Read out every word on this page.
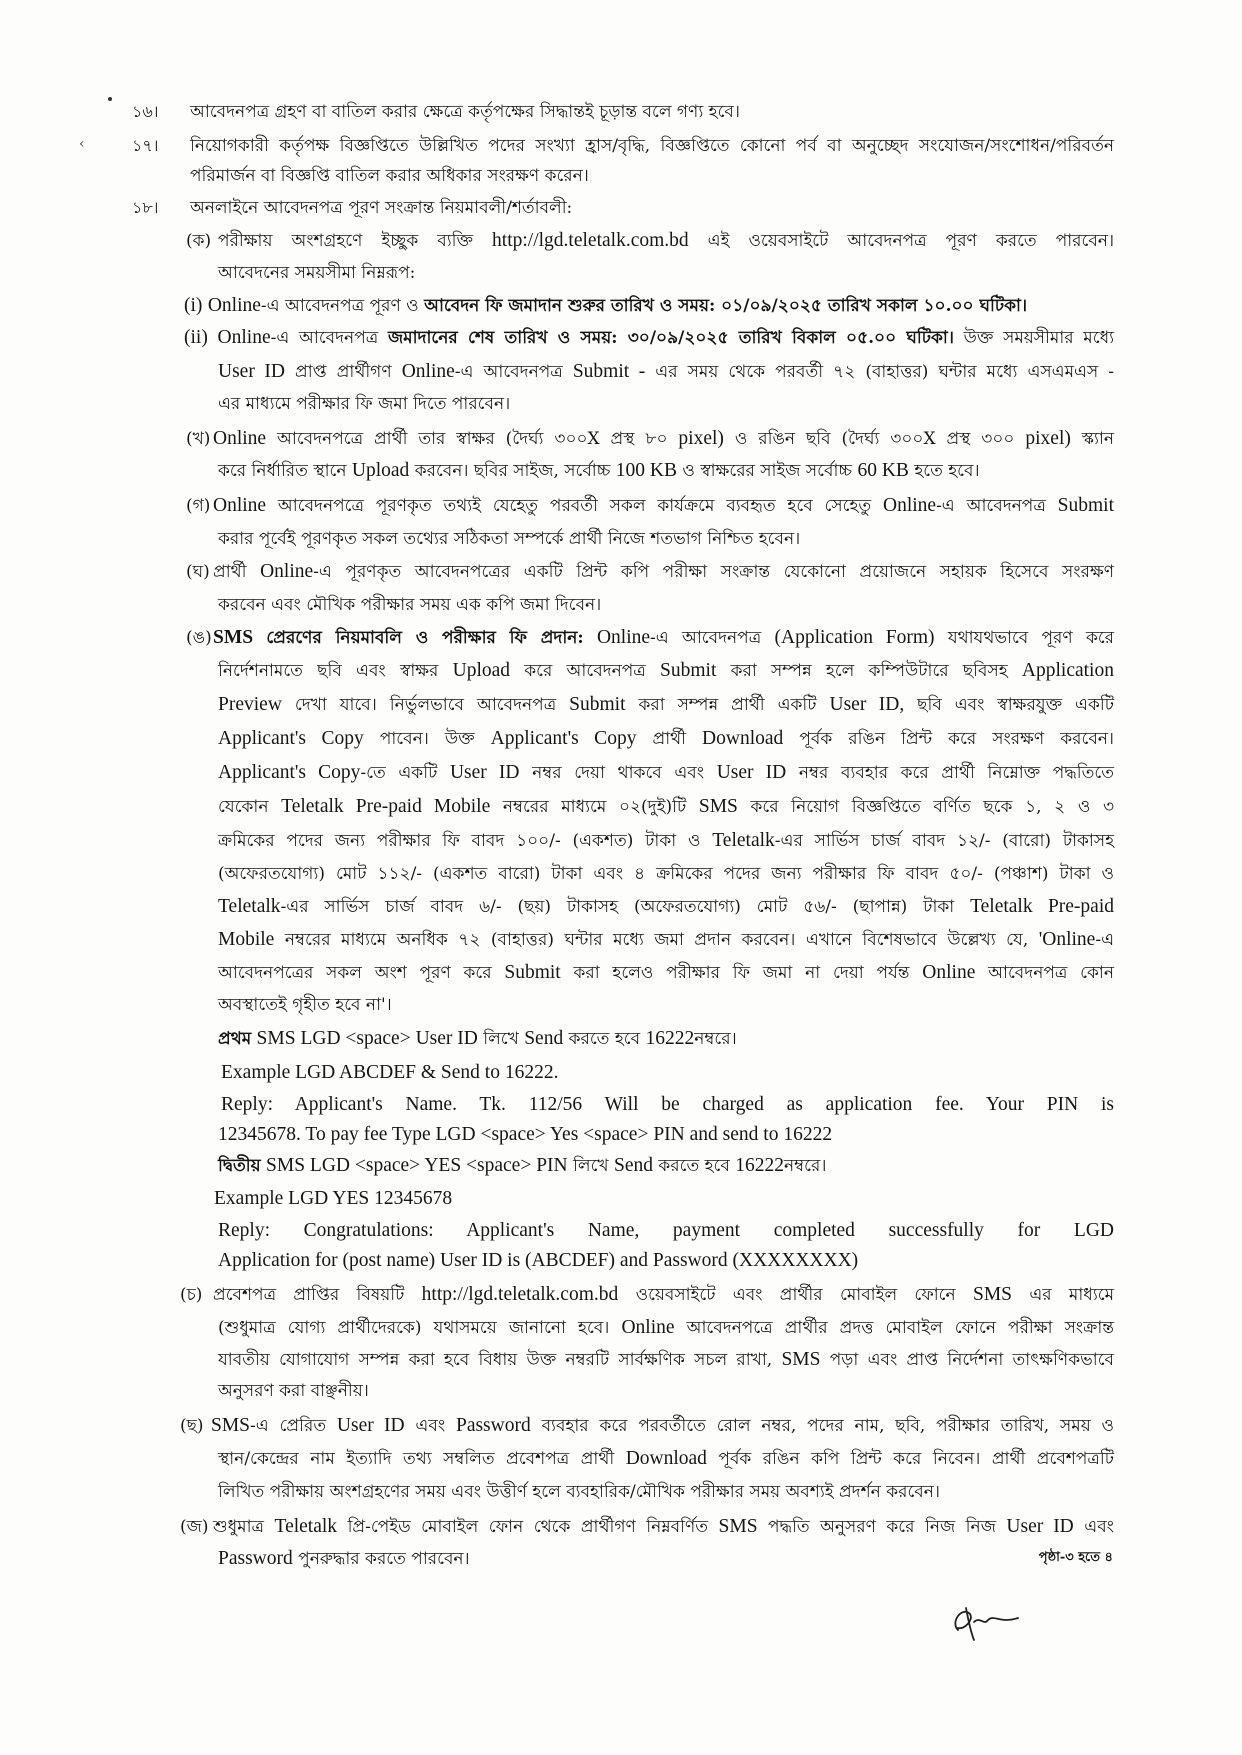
‹
১৬। আবেদনপত্র গ্রহণ বা বাতিল করার ক্ষেত্রে কর্তৃপক্ষের সিদ্ধান্তই চূড়ান্ত বলে গণ্য হবে।
১৭। নিয়োগকারী কর্তৃপক্ষ বিজ্ঞপ্তিতে উল্লিখিত পদের সংখ্যা হ্রাস/বৃদ্ধি, বিজ্ঞপ্তিতে কোনো পর্ব বা অনুচ্ছেদ সংযোজন/সংশোধন/পরিবর্তন
পরিমার্জন বা বিজ্ঞপ্তি বাতিল করার অধিকার সংরক্ষণ করেন।
১৮। অনলাইনে আবেদনপত্র পূরণ সংক্রান্ত নিয়মাবলী/শর্তাবলী:
(ক) পরীক্ষায় অংশগ্রহণে ইচ্ছুক ব্যক্তি http://lgd.teletalk.com.bd এই ওয়েবসাইটে আবেদনপত্র পূরণ করতে পারবেন।
আবেদনের সময়সীমা নিম্নরূপ:
(i) Online-এ আবেদনপত্র পূরণ ও আবেদন ফি জমাদান শুরুর তারিখ ও সময়: ০১/০৯/২০২৫ তারিখ সকাল ১০.০০ ঘটিকা।
(ii) Online-এ আবেদনপত্র জমাদানের শেষ তারিখ ও সময়: ৩০/০৯/২০২৫ তারিখ বিকাল ০৫.০০ ঘটিকা। উক্ত সময়সীমার মধ্যে
User ID প্রাপ্ত প্রার্থীগণ Online-এ আবেদনপত্র Submit - এর সময় থেকে পরবর্তী ৭২ (বাহাত্তর) ঘন্টার মধ্যে এসএমএস -
এর মাধ্যমে পরীক্ষার ফি জমা দিতে পারবেন।
(খ) Online আবেদনপত্রে প্রার্থী তার স্বাক্ষর (দৈর্ঘ্য ৩০০X প্রস্থ ৮০ pixel) ও রঙিন ছবি (দৈর্ঘ্য ৩০০X প্রস্থ ৩০০ pixel) স্ক্যান
করে নির্ধারিত স্থানে Upload করবেন। ছবির সাইজ, সর্বোচ্চ 100 KB ও স্বাক্ষরের সাইজ সর্বোচ্চ 60 KB হতে হবে।
(গ) Online আবেদনপত্রে পূরণকৃত তথ্যই যেহেতু পরবর্তী সকল কার্যক্রমে ব্যবহৃত হবে সেহেতু Online-এ আবেদনপত্র Submit
করার পূর্বেই পূরণকৃত সকল তথ্যের সঠিকতা সম্পর্কে প্রার্থী নিজে শতভাগ নিশ্চিত হবেন।
(ঘ) প্রার্থী Online-এ পূরণকৃত আবেদনপত্রের একটি প্রিন্ট কপি পরীক্ষা সংক্রান্ত যেকোনো প্রয়োজনে সহায়ক হিসেবে সংরক্ষণ
করবেন এবং মৌখিক পরীক্ষার সময় এক কপি জমা দিবেন।
(ঙ) SMS প্রেরণের নিয়মাবলি ও পরীক্ষার ফি প্রদান: Online-এ আবেদনপত্র (Application Form) যথাযথভাবে পূরণ করে
নির্দেশনামতে ছবি এবং স্বাক্ষর Upload করে আবেদনপত্র Submit করা সম্পন্ন হলে কম্পিউটারে ছবিসহ Application
Preview দেখা যাবে। নির্ভুলভাবে আবেদনপত্র Submit করা সম্পন্ন প্রার্থী একটি User ID, ছবি এবং স্বাক্ষরযুক্ত একটি
Applicant's Copy পাবেন। উক্ত Applicant's Copy প্রার্থী Download পূর্বক রঙিন প্রিন্ট করে সংরক্ষণ করবেন।
Applicant's Copy-তে একটি User ID নম্বর দেয়া থাকবে এবং User ID নম্বর ব্যবহার করে প্রার্থী নিম্নোক্ত পদ্ধতিতে
যেকোন Teletalk Pre-paid Mobile নম্বরের মাধ্যমে ০২(দুই)টি SMS করে নিয়োগ বিজ্ঞপ্তিতে বর্ণিত ছকে ১, ২ ও ৩
ক্রমিকের পদের জন্য পরীক্ষার ফি বাবদ ১০০/- (একশত) টাকা ও Teletalk-এর সার্ভিস চার্জ বাবদ ১২/- (বারো) টাকাসহ
(অফেরতযোগ্য) মোট ১১২/- (একশত বারো) টাকা এবং ৪ ক্রমিকের পদের জন্য পরীক্ষার ফি বাবদ ৫০/- (পঞ্চাশ) টাকা ও
Teletalk-এর সার্ভিস চার্জ বাবদ ৬/- (ছয়) টাকাসহ (অফেরতযোগ্য) মোট ৫৬/- (ছাপান্ন) টাকা Teletalk Pre-paid
Mobile নম্বরের মাধ্যমে অনধিক ৭২ (বাহাত্তর) ঘন্টার মধ্যে জমা প্রদান করবেন। এখানে বিশেষভাবে উল্লেখ্য যে, 'Online-এ
আবেদনপত্রের সকল অংশ পূরণ করে Submit করা হলেও পরীক্ষার ফি জমা না দেয়া পর্যন্ত Online আবেদনপত্র কোন
অবস্থাতেই গৃহীত হবে না'।
প্রথম SMS LGD <space> User ID লিখে Send করতে হবে 16222নম্বরে।
Example LGD ABCDEF & Send to 16222.
Reply: Applicant's Name. Tk. 112/56 Will be charged as application fee. Your PIN is
12345678. To pay fee Type LGD <space> Yes <space> PIN and send to 16222
দ্বিতীয় SMS LGD <space> YES <space> PIN লিখে Send করতে হবে 16222নম্বরে।
Example LGD YES 12345678
Reply: Congratulations: Applicant's Name, payment completed successfully for LGD
Application for (post name) User ID is (ABCDEF) and Password (XXXXXXXX)
(চ) প্রবেশপত্র প্রাপ্তির বিষয়টি http://lgd.teletalk.com.bd ওয়েবসাইটে এবং প্রার্থীর মোবাইল ফোনে SMS এর মাধ্যমে
(শুধুমাত্র যোগ্য প্রার্থীদেরকে) যথাসময়ে জানানো হবে। Online আবেদনপত্রে প্রার্থীর প্রদত্ত মোবাইল ফোনে পরীক্ষা সংক্রান্ত
যাবতীয় যোগাযোগ সম্পন্ন করা হবে বিধায় উক্ত নম্বরটি সার্বক্ষণিক সচল রাখা, SMS পড়া এবং প্রাপ্ত নির্দেশনা তাৎক্ষণিকভাবে
অনুসরণ করা বাঞ্ছনীয়।
(ছ) SMS-এ প্রেরিত User ID এবং Password ব্যবহার করে পরবর্তীতে রোল নম্বর, পদের নাম, ছবি, পরীক্ষার তারিখ, সময় ও
স্থান/কেন্দ্রের নাম ইত্যাদি তথ্য সম্বলিত প্রবেশপত্র প্রার্থী Download পূর্বক রঙিন কপি প্রিন্ট করে নিবেন। প্রার্থী প্রবেশপত্রটি
লিখিত পরীক্ষায় অংশগ্রহণের সময় এবং উত্তীর্ণ হলে ব্যবহারিক/মৌখিক পরীক্ষার সময় অবশ্যই প্রদর্শন করবেন।
(জ) শুধুমাত্র Teletalk প্রি-পেইড মোবাইল ফোন থেকে প্রার্থীগণ নিম্নবর্ণিত SMS পদ্ধতি অনুসরণ করে নিজ নিজ User ID এবং
Password পুনরুদ্ধার করতে পারবেন।	পৃষ্ঠা-৩ হতে ৪
